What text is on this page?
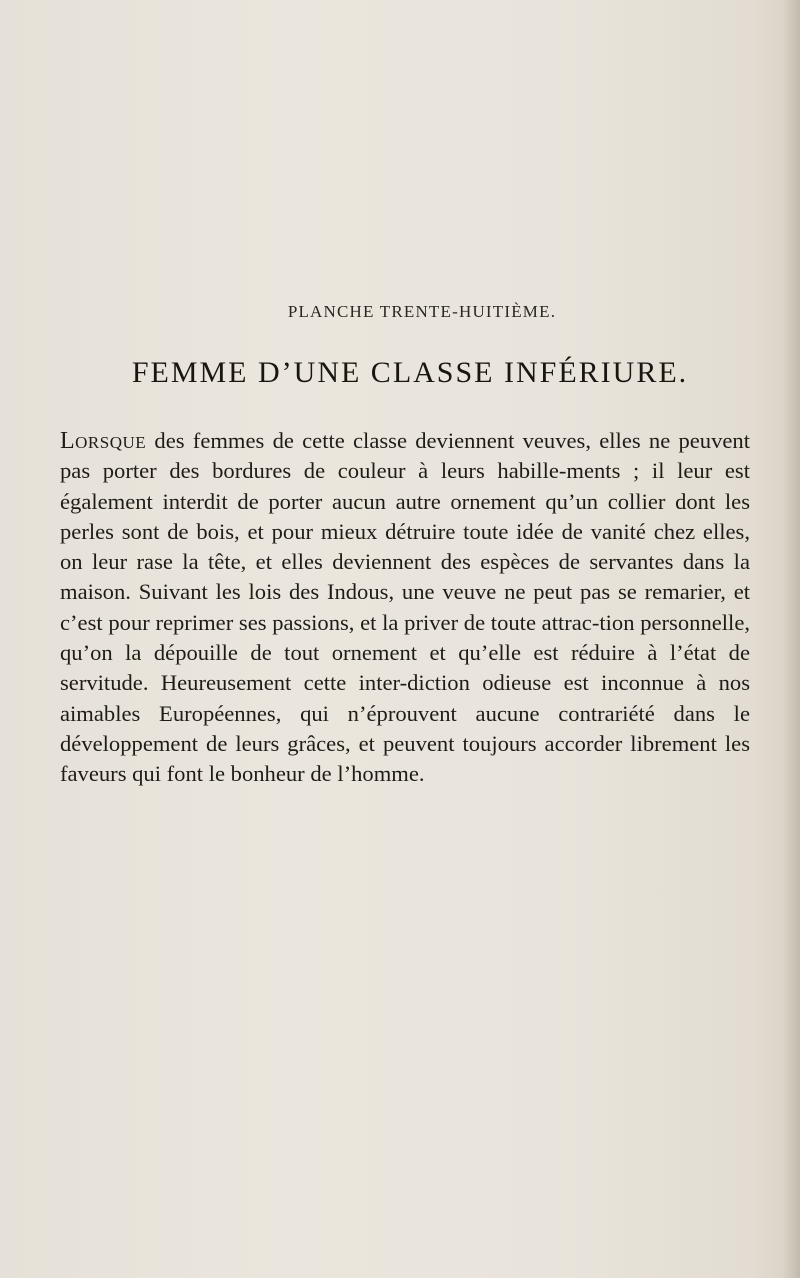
PLANCHE TRENTE-HUITIÈME.
FEMME D’UNE CLASSE INFÉRIURE.

Lorsque des femmes de cette classe deviennent veuves, elles ne peuvent pas porter des bordures de couleur à leurs habille-ments ; il leur est également interdit de porter aucun autre ornement qu’un collier dont les perles sont de bois, et pour mieux détruire toute idée de vanité chez elles, on leur rase la tête, et elles deviennent des espèces de servantes dans la maison. Suivant les lois des Indous, une veuve ne peut pas se remarier, et c’est pour reprimer ses passions, et la priver de toute attrac-tion personnelle, qu’on la dépouille de tout ornement et qu’elle est réduire à l’état de servitude. Heureusement cette inter-diction odieuse est inconnue à nos aimables Européennes, qui n’éprouvent aucune contrariété dans le développement de leurs grâces, et peuvent toujours accorder librement les faveurs qui font le bonheur de l’homme.
